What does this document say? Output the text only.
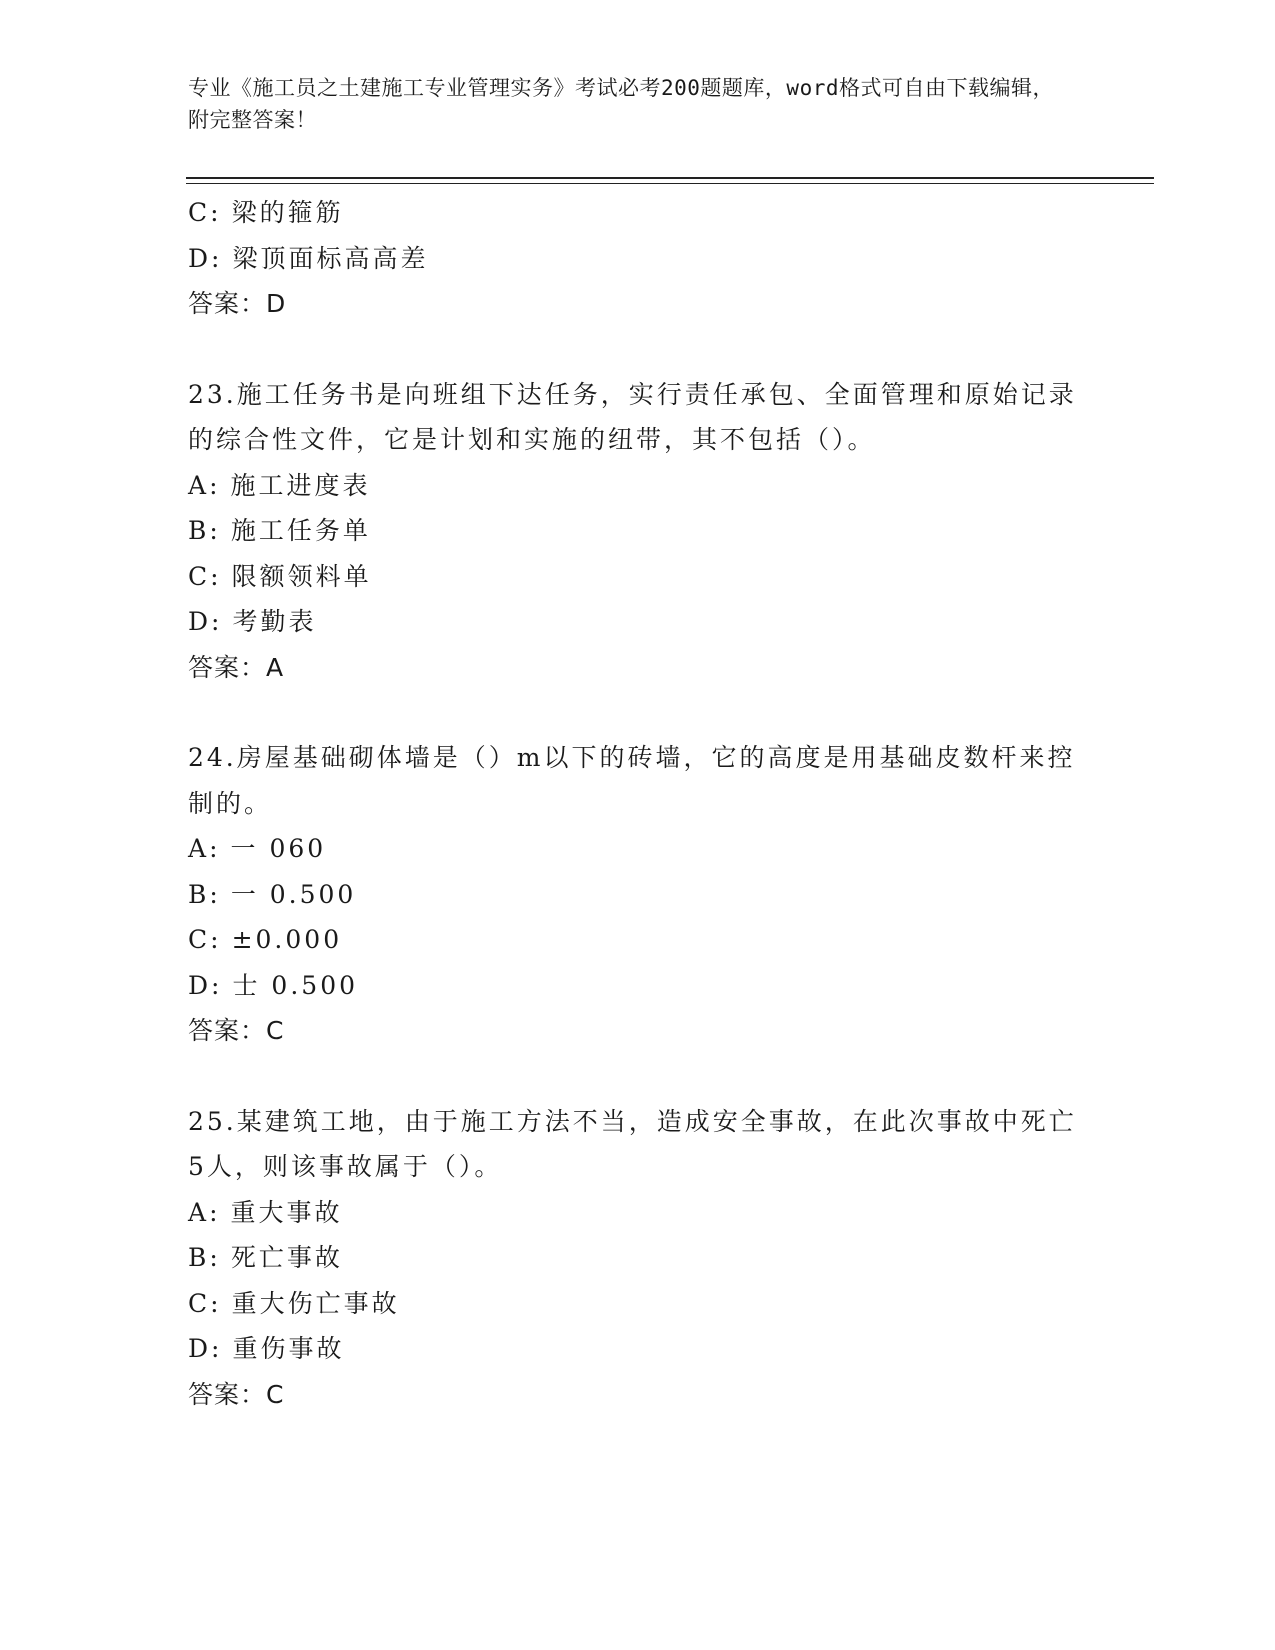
专业《施工员之土建施工专业管理实务》考试必考200题题库，word格式可自由下载编辑，附完整答案！
C: 梁的箍筋
D: 梁顶面标高高差
答案：D
23.施工任务书是向班组下达任务，实行责任承包、全面管理和原始记录的综合性文件，它是计划和实施的纽带，其不包括（）。
A: 施工进度表
B: 施工任务单
C: 限额领料单
D: 考勤表
答案：A
24.房屋基础砌体墙是（）m以下的砖墙，它的高度是用基础皮数杆来控制的。
A: 一 060
B: 一 0.500
C: ±0.000
D: 士 0.500
答案：C
25.某建筑工地，由于施工方法不当，造成安全事故，在此次事故中死亡5人，则该事故属于（）。
A: 重大事故
B: 死亡事故
C: 重大伤亡事故
D: 重伤事故
答案：C
